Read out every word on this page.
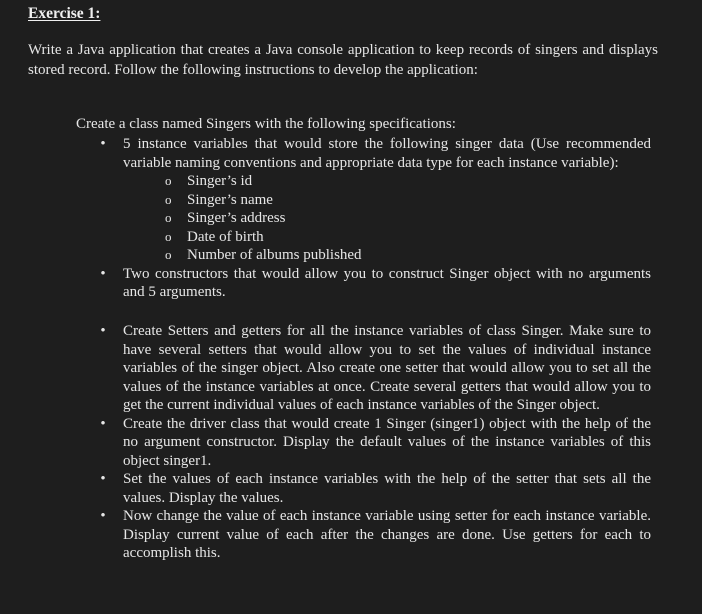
Exercise 1:
Write a Java application that creates a Java console application to keep records of singers and displays stored record. Follow the following instructions to develop the application:
Create a class named Singers with the following specifications:
• 5 instance variables that would store the following singer data (Use recommended variable naming conventions and appropriate data type for each instance variable):
o Singer’s id
o Singer’s name
o Singer’s address
o Date of birth
o Number of albums published
• Two constructors that would allow you to construct Singer object with no arguments and 5 arguments.
• Create Setters and getters for all the instance variables of class Singer. Make sure to have several setters that would allow you to set the values of individual instance variables of the singer object. Also create one setter that would allow you to set all the values of the instance variables at once. Create several getters that would allow you to get the current individual values of each instance variables of the Singer object.
• Create the driver class that would create 1 Singer (singer1) object with the help of the no argument constructor. Display the default values of the instance variables of this object singer1.
• Set the values of each instance variables with the help of the setter that sets all the values. Display the values.
• Now change the value of each instance variable using setter for each instance variable. Display current value of each after the changes are done. Use getters for each to accomplish this.
